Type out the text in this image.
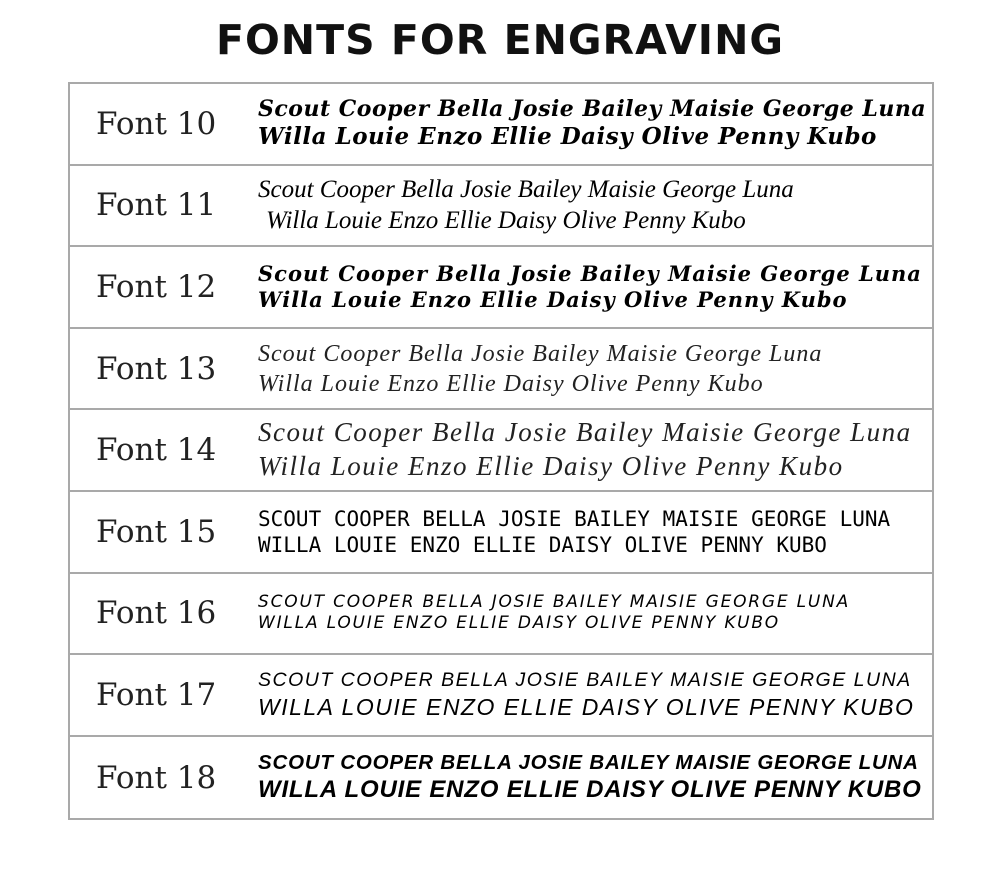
FONTS FOR ENGRAVING
Font 10	Scout Cooper Bella Josie Bailey Maisie George Luna
Willa Louie Enzo Ellie Daisy Olive Penny Kubo
Font 11	Scout Cooper Bella Josie Bailey Maisie George Luna
Willa Louie Enzo Ellie Daisy Olive Penny Kubo
Font 12	Scout Cooper Bella Josie Bailey Maisie George Luna
Willa Louie Enzo Ellie Daisy Olive Penny Kubo
Font 13	Scout Cooper Bella Josie Bailey Maisie George Luna
Willa Louie Enzo Ellie Daisy Olive Penny Kubo
Font 14	Scout Cooper Bella Josie Bailey Maisie George Luna
Willa Louie Enzo Ellie Daisy Olive Penny Kubo
Font 15	SCOUT COOPER BELLA JOSIE BAILEY MAISIE GEORGE LUNA
WILLA LOUIE ENZO ELLIE DAISY OLIVE PENNY KUBO
Font 16	SCOUT COOPER BELLA JOSIE BAILEY MAISIE GEORGE LUNA
WILLA LOUIE ENZO ELLIE DAISY OLIVE PENNY KUBO
Font 17	SCOUT COOPER BELLA JOSIE BAILEY MAISIE GEORGE LUNA
WILLA LOUIE ENZO ELLIE DAISY OLIVE PENNY KUBO
Font 18	SCOUT COOPER BELLA JOSIE BAILEY MAISIE GEORGE LUNA
WILLA LOUIE ENZO ELLIE DAISY OLIVE PENNY KUBO
